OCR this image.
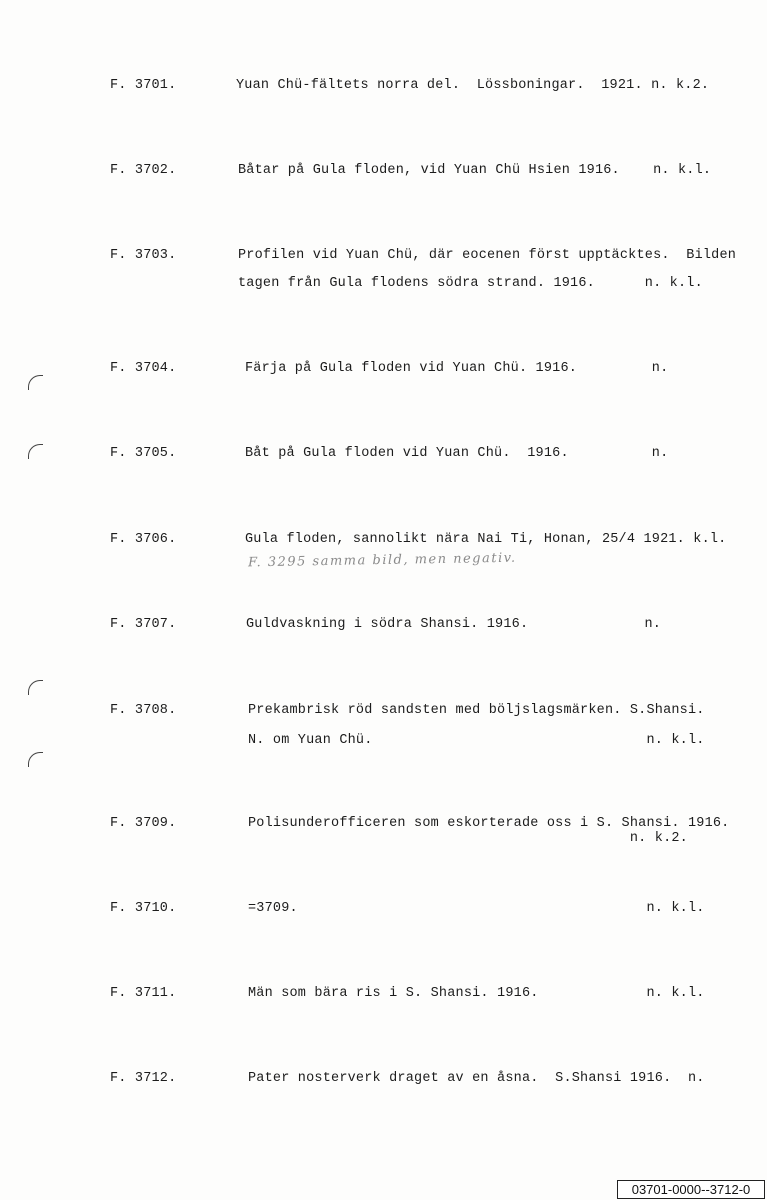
F. 3701.	Yuan Chü-fältets norra del.  Lössboningar.  1921. n. k.2.
F. 3702.	Båtar på Gula floden, vid Yuan Chü Hsien 1916.    n. k.l.
F. 3703.	Profilen vid Yuan Chü, där eocenen först upptäcktes.  Bilden
tagen från Gula flodens södra strand. 1916.      n. k.l.
F. 3704.	Färja på Gula floden vid Yuan Chü. 1916.         n.
F. 3705.	Båt på Gula floden vid Yuan Chü.  1916.          n.
F. 3706.	Gula floden, sannolikt nära Nai Ti, Honan, 25/4 1921. k.l.
F. 3295 samma bild, men negativ.
F. 3707.	Guldvaskning i södra Shansi. 1916.              n.
F. 3708.	Prekambrisk röd sandsten med böljslagsmärken. S.Shansi.
N. om Yuan Chü.                                 n. k.l.
F. 3709.	Polisunderofficeren som eskorterade oss i S. Shansi. 1916.
n. k.2.
F. 3710.	=3709.                                          n. k.l.
F. 3711.	Män som bära ris i S. Shansi. 1916.             n. k.l.
F. 3712.	Pater nosterverk draget av en åsna.  S.Shansi 1916.  n.
03701-0000--3712-0
